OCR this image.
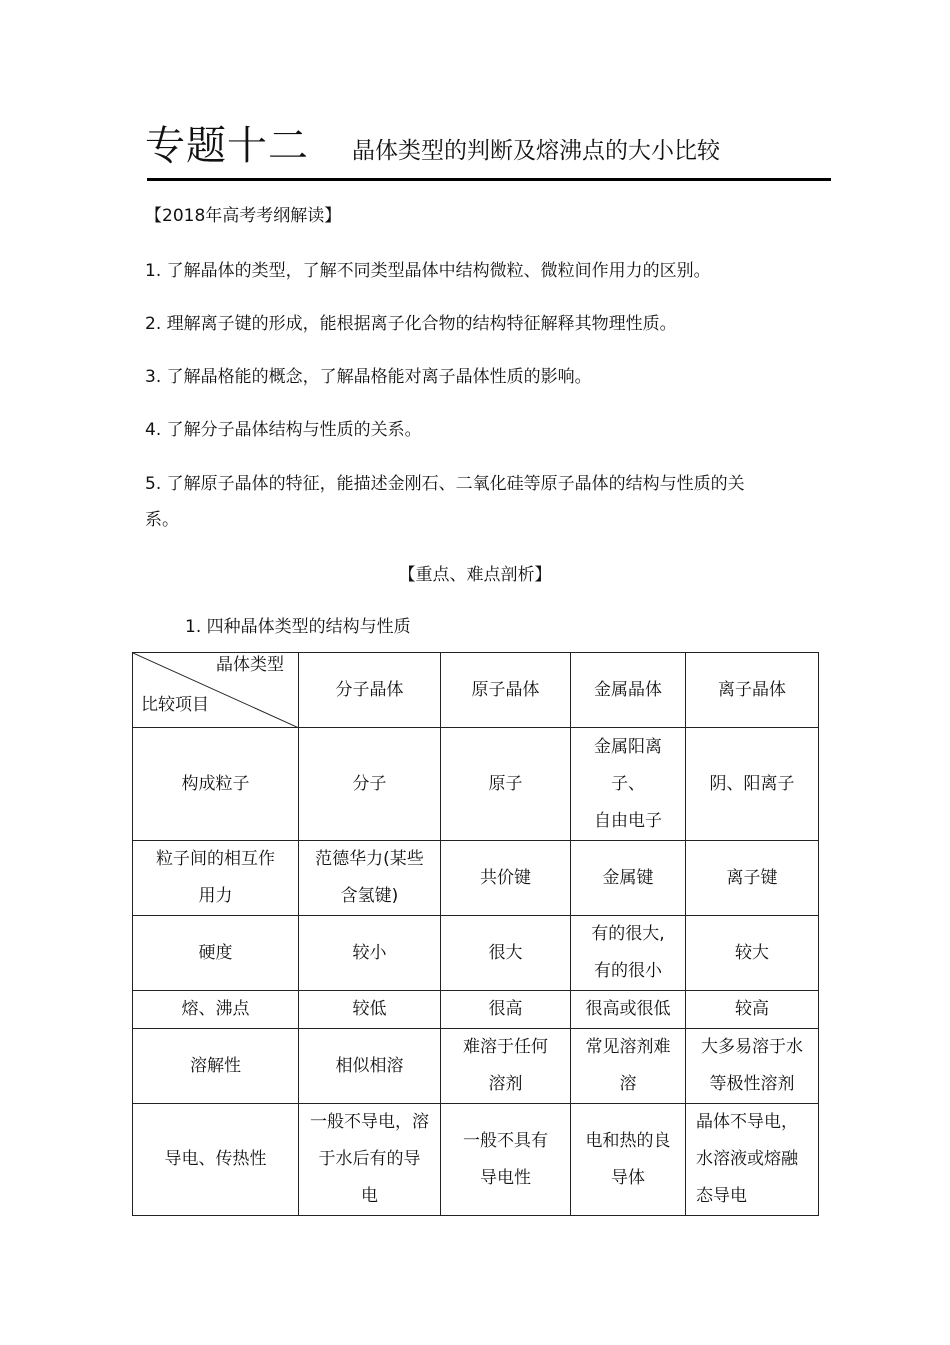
专题十二 晶体类型的判断及熔沸点的大小比较
【2018年高考考纲解读】
1. 了解晶体的类型，了解不同类型晶体中结构微粒、微粒间作用力的区别。
2. 理解离子键的形成，能根据离子化合物的结构特征解释其物理性质。
3. 了解晶格能的概念，了解晶格能对离子晶体性质的影响。
4. 了解分子晶体结构与性质的关系。
5. 了解原子晶体的特征，能描述金刚石、二氧化硅等原子晶体的结构与性质的关
系。
【重点、难点剖析】
1. 四种晶体类型的结构与性质
晶体类型
比较项目	分子晶体	原子晶体	金属晶体	离子晶体
构成粒子	分子	原子	金属阳离
子、
自由电子	阴、阳离子
粒子间的相互作
用力	范德华力(某些
含氢键)	共价键	金属键	离子键
硬度	较小	很大	有的很大,
有的很小	较大
熔、沸点	较低	很高	很高或很低	较高
溶解性	相似相溶	难溶于任何
溶剂	常见溶剂难
溶	大多易溶于水
等极性溶剂
导电、传热性	一般不导电，溶
于水后有的导
电	一般不具有
导电性	电和热的良
导体	晶体不导电，
水溶液或熔融
态导电
